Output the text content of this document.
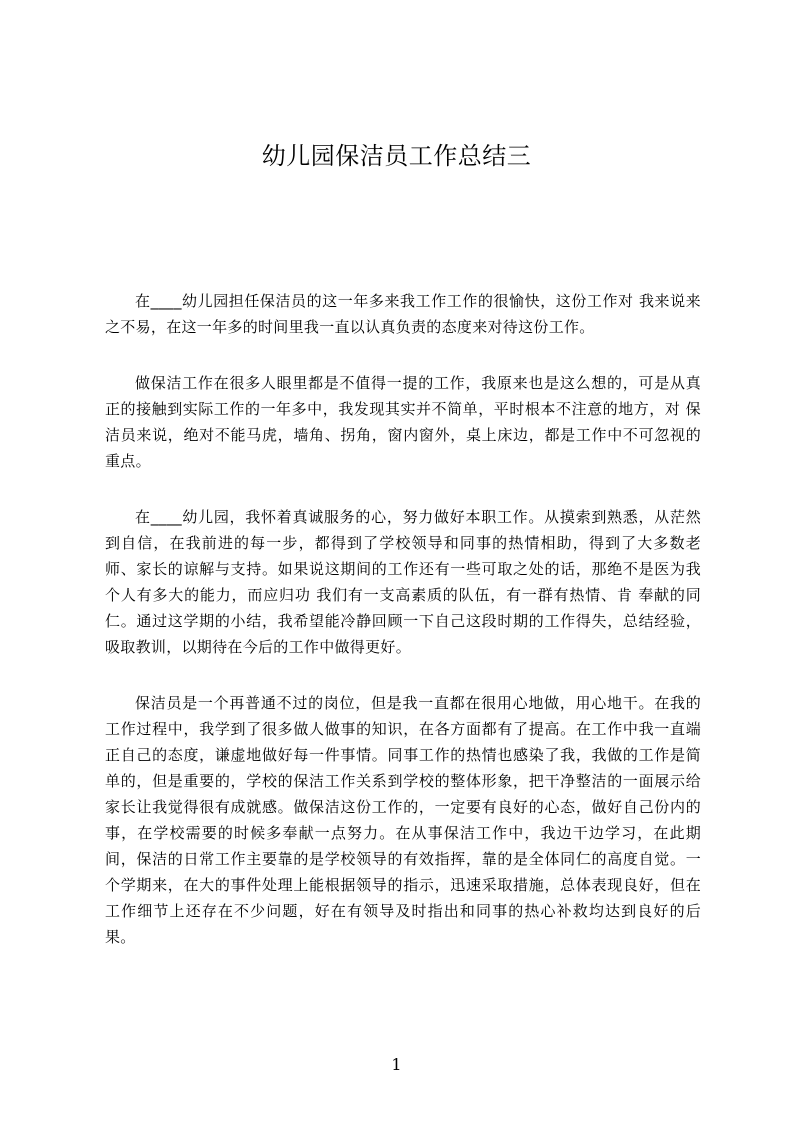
幼儿园保洁员工作总结三

在____幼儿园担任保洁员的这一年多来我工作工作的很愉快，这份工作对 我来说来之不易，在这一年多的时间里我一直以认真负责的态度来对待这份工作。

做保洁工作在很多人眼里都是不值得一提的工作，我原来也是这么想的，可是从真正的接触到实际工作的一年多中，我发现其实并不简单，平时根本不注意的地方，对 保洁员来说，绝对不能马虎，墙角、拐角，窗内窗外，桌上床边，都是工作中不可忽视的重点。

在____幼儿园，我怀着真诚服务的心，努力做好本职工作。从摸索到熟悉，从茫然到自信，在我前进的每一步，都得到了学校领导和同事的热情相助，得到了大多数老师、家长的谅解与支持。如果说这期间的工作还有一些可取之处的话，那绝不是医为我个人有多大的能力，而应归功 我们有一支高素质的队伍，有一群有热情、肯 奉献的同仁。通过这学期的小结，我希望能冷静回顾一下自己这段时期的工作得失，总结经验，吸取教训，以期待在今后的工作中做得更好。

保洁员是一个再普通不过的岗位，但是我一直都在很用心地做，用心地干。在我的工作过程中，我学到了很多做人做事的知识，在各方面都有了提高。在工作中我一直端正自己的态度，谦虚地做好每一件事情。同事工作的热情也感染了我，我做的工作是简单的，但是重要的，学校的保洁工作关系到学校的整体形象，把干净整洁的一面展示给家长让我觉得很有成就感。做保洁这份工作的，一定要有良好的心态，做好自己份内的事，在学校需要的时候多奉献一点努力。在从事保洁工作中，我边干边学习，在此期间，保洁的日常工作主要靠的是学校领导的有效指挥，靠的是全体同仁的高度自觉。一个学期来，在大的事件处理上能根据领导的指示，迅速采取措施，总体表现良好，但在工作细节上还存在不少问题，好在有领导及时指出和同事的热心补救均达到良好的后果。

1
